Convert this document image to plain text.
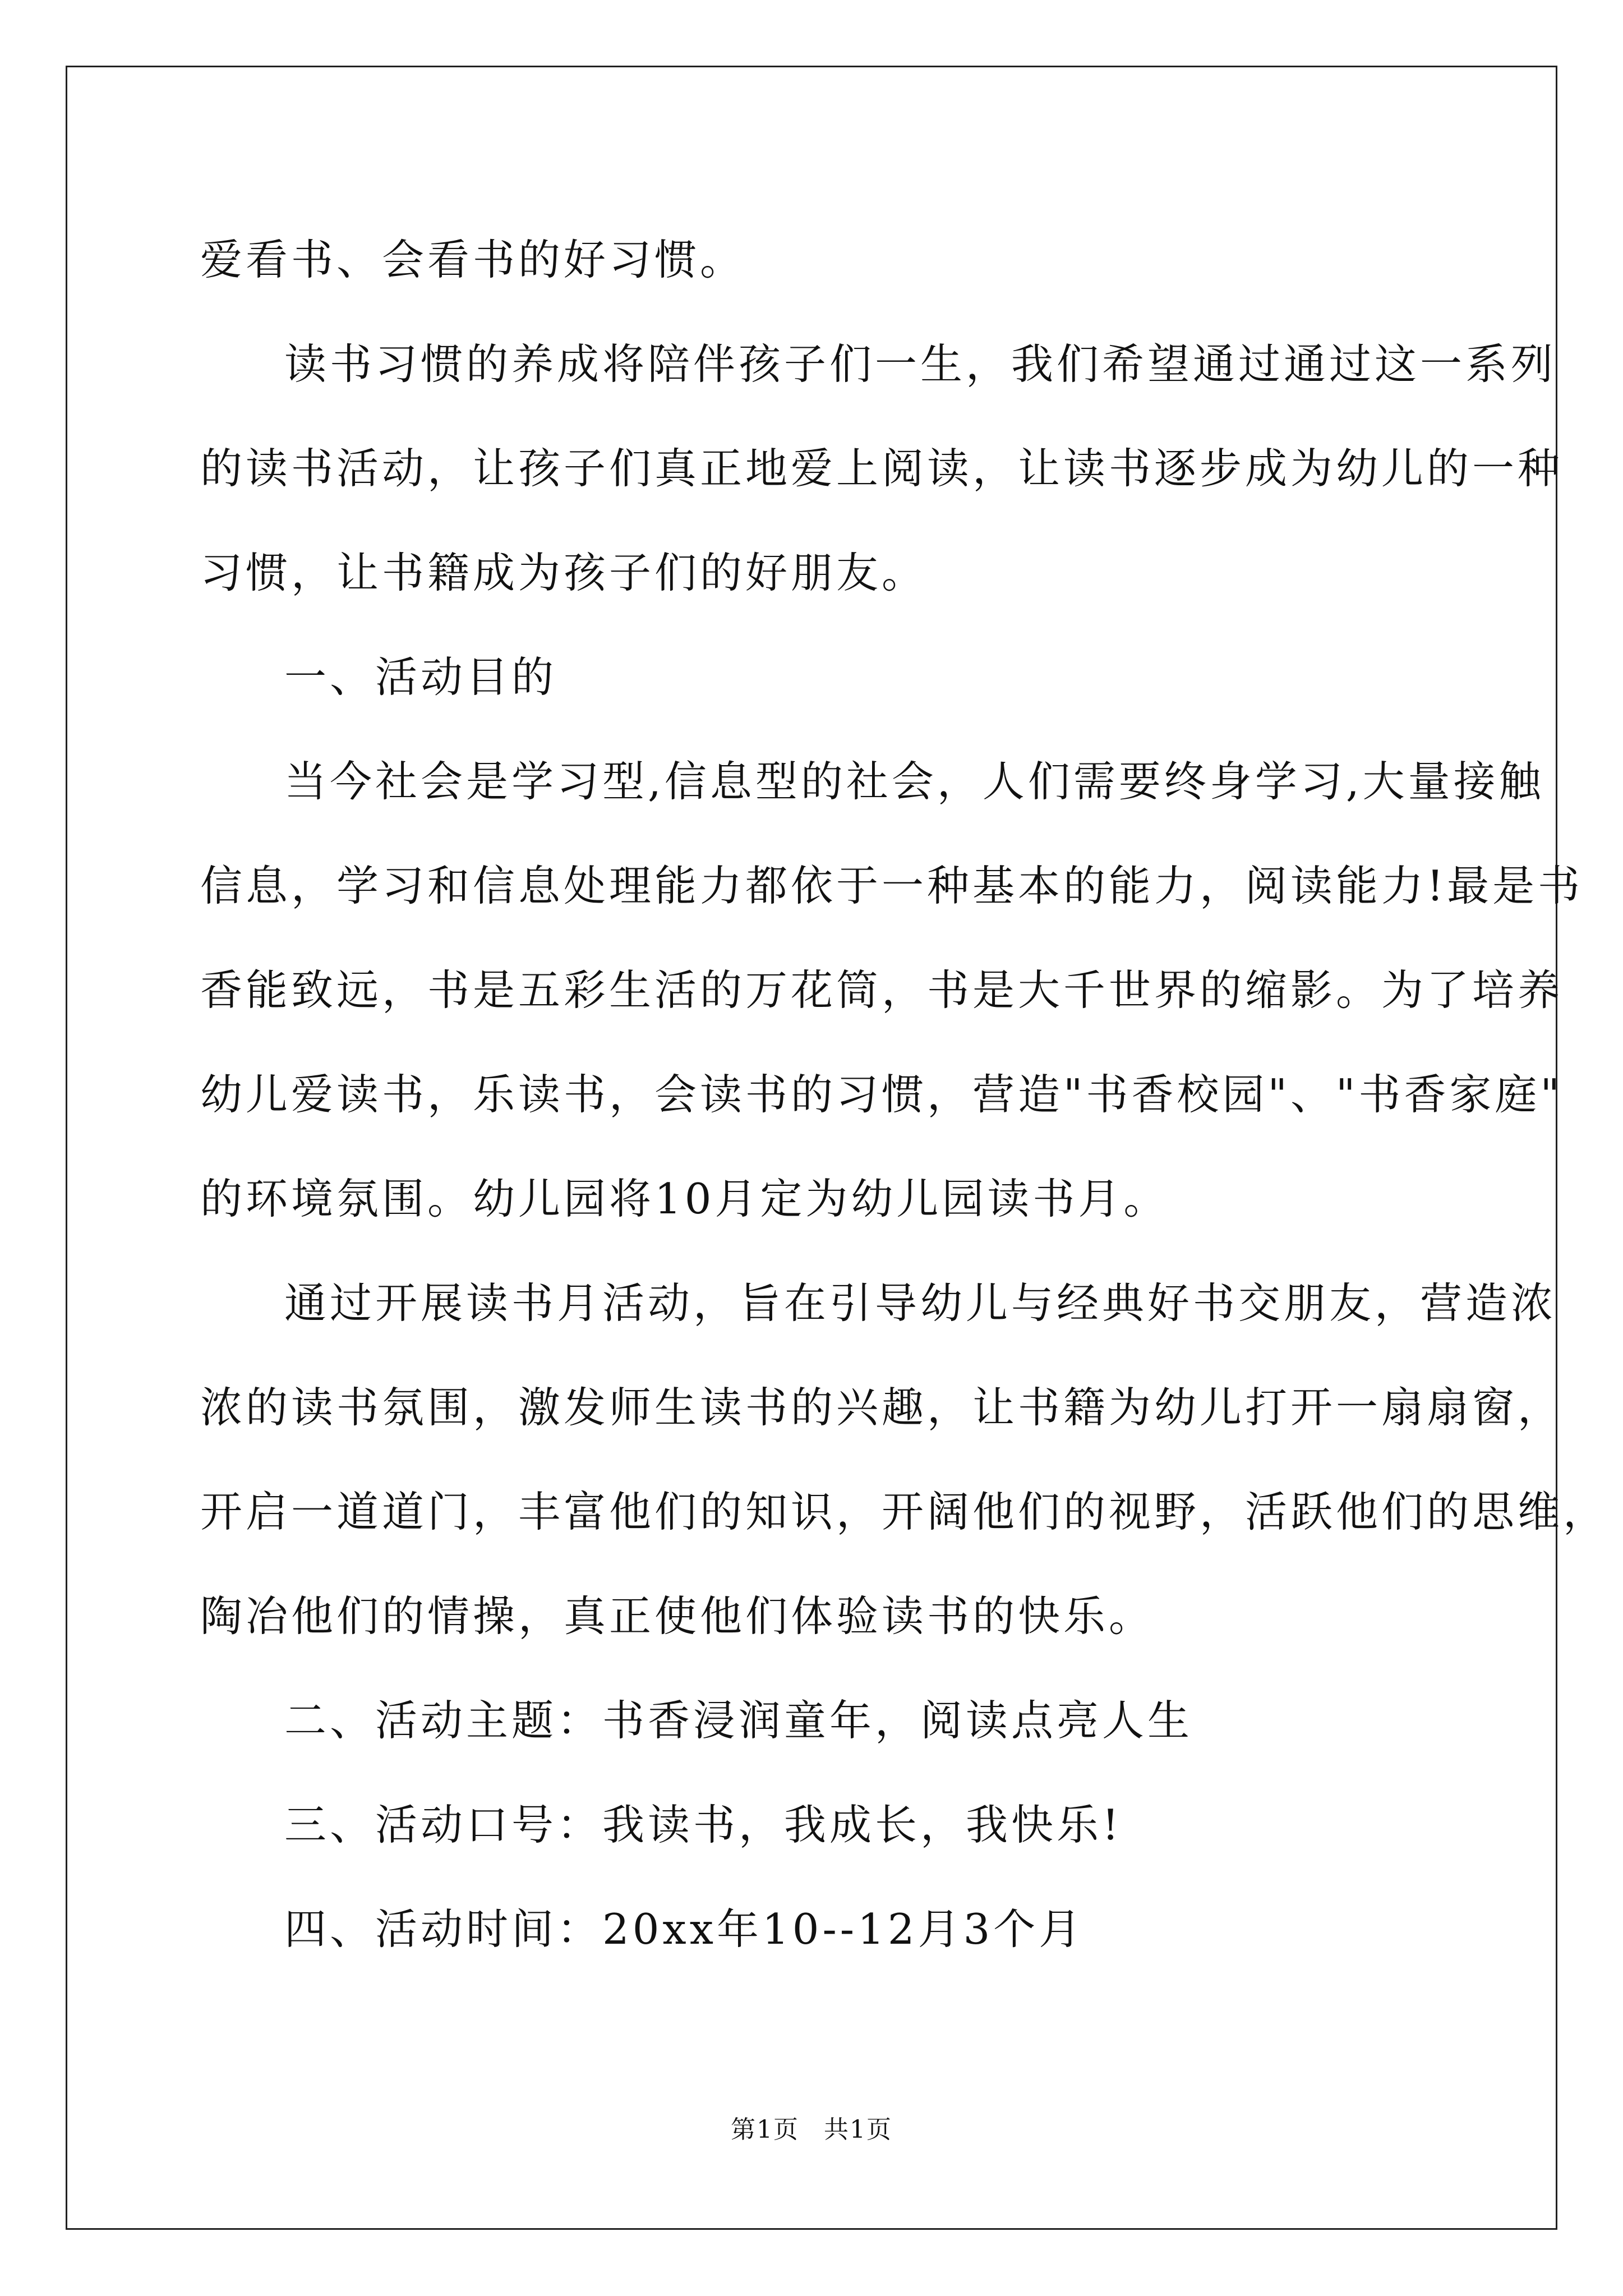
爱看书、会看书的好习惯。

读书习惯的养成将陪伴孩子们一生，我们希望通过通过这一系列

的读书活动，让孩子们真正地爱上阅读，让读书逐步成为幼儿的一种

习惯，让书籍成为孩子们的好朋友。

一、活动目的

当今社会是学习型,信息型的社会，人们需要终身学习,大量接触

信息，学习和信息处理能力都依于一种基本的能力，阅读能力!最是书

香能致远，书是五彩生活的万花筒，书是大千世界的缩影。为了培养

幼儿爱读书，乐读书，会读书的习惯，营造"书香校园"、"书香家庭"

的环境氛围。幼儿园将10月定为幼儿园读书月。

通过开展读书月活动，旨在引导幼儿与经典好书交朋友，营造浓

浓的读书氛围，激发师生读书的兴趣，让书籍为幼儿打开一扇扇窗，

开启一道道门，丰富他们的知识，开阔他们的视野，活跃他们的思维，

陶冶他们的情操，真正使他们体验读书的快乐。

二、活动主题：书香浸润童年，阅读点亮人生

三、活动口号：我读书，我成长，我快乐!

四、活动时间：20xx年10--12月3个月

第1页 共1页
